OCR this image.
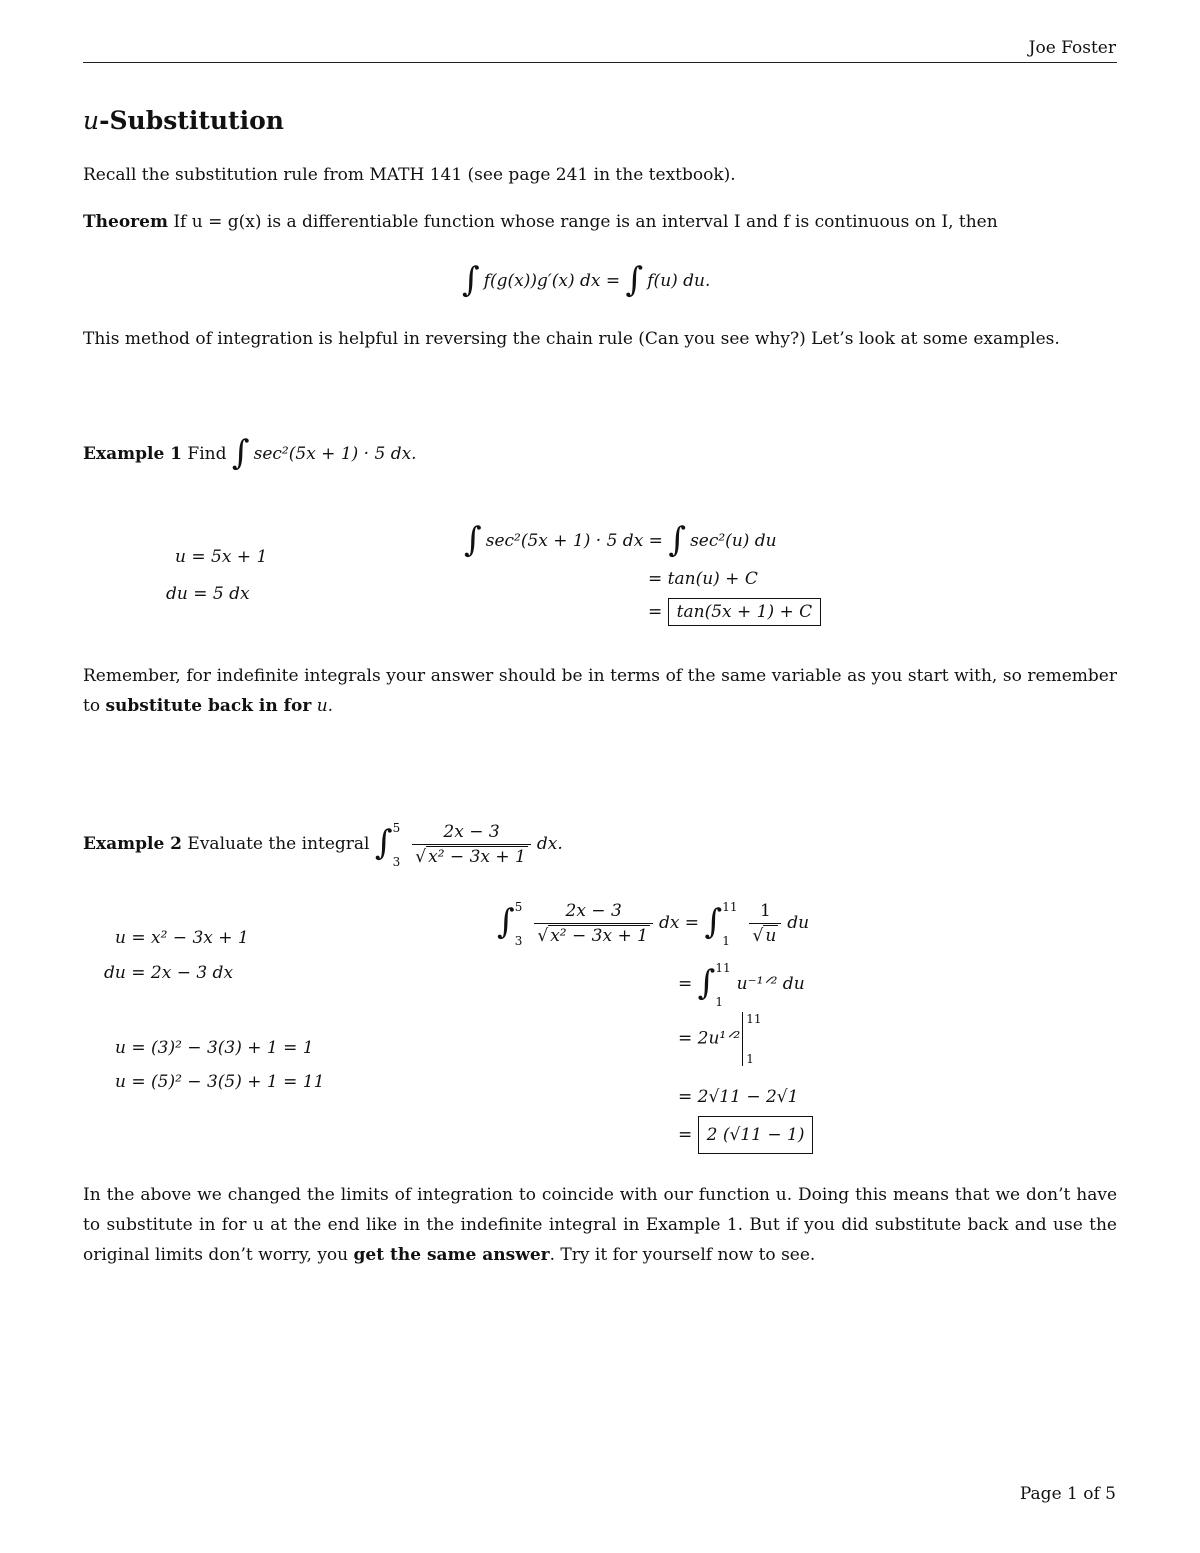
Joe Foster
u-Substitution

Recall the substitution rule from MATH 141 (see page 241 in the textbook).

Theorem If u = g(x) is a differentiable function whose range is an interval I and f is continuous on I, then

∫ f(g(x))g′(x) dx = ∫ f(u) du.

This method of integration is helpful in reversing the chain rule (Can you see why?) Let’s look at some examples.

Example 1 Find ∫ sec²(5x + 1) · 5 dx.
u = 5x + 1
du = 5 dx
∫ sec²(5x + 1) · 5 dx = ∫ sec²(u) du
= tan(u) + C
= tan(5x + 1) + C

Remember, for indefinite integrals your answer should be in terms of the same variable as you start with, so remember to substitute back in for u.

Example 2 Evaluate the integral ∫ 5
$3 \frac{2x - 3}{\text{√ x² − 3x + 1}}$ dx.
u = x² − 3x + 1
du = 2x − 3 dx
u = (3)² − 3(3) + 1 = 1
u = (5)² − 3(5) + 1 = 11
∫ 5
$3 \frac{2x - 3}{\text{√ x² − 3x + 1}}$ dx = ∫ 11
1	$\frac{1}{√ u}$ du
= ∫ 11
1
u⁻¹ᐟ² du
= 2u¹ᐟ²
11
1
= 2√11 − 2√1
= 2 (√11 − 1)

In the above we changed the limits of integration to coincide with our function u. Doing this means that we don’t have to substitute in for u at the end like in the indefinite integral in Example 1. But if you did substitute back and use the original limits don’t worry, you get the same answer. Try it for yourself now to see.

Page 1 of 5
